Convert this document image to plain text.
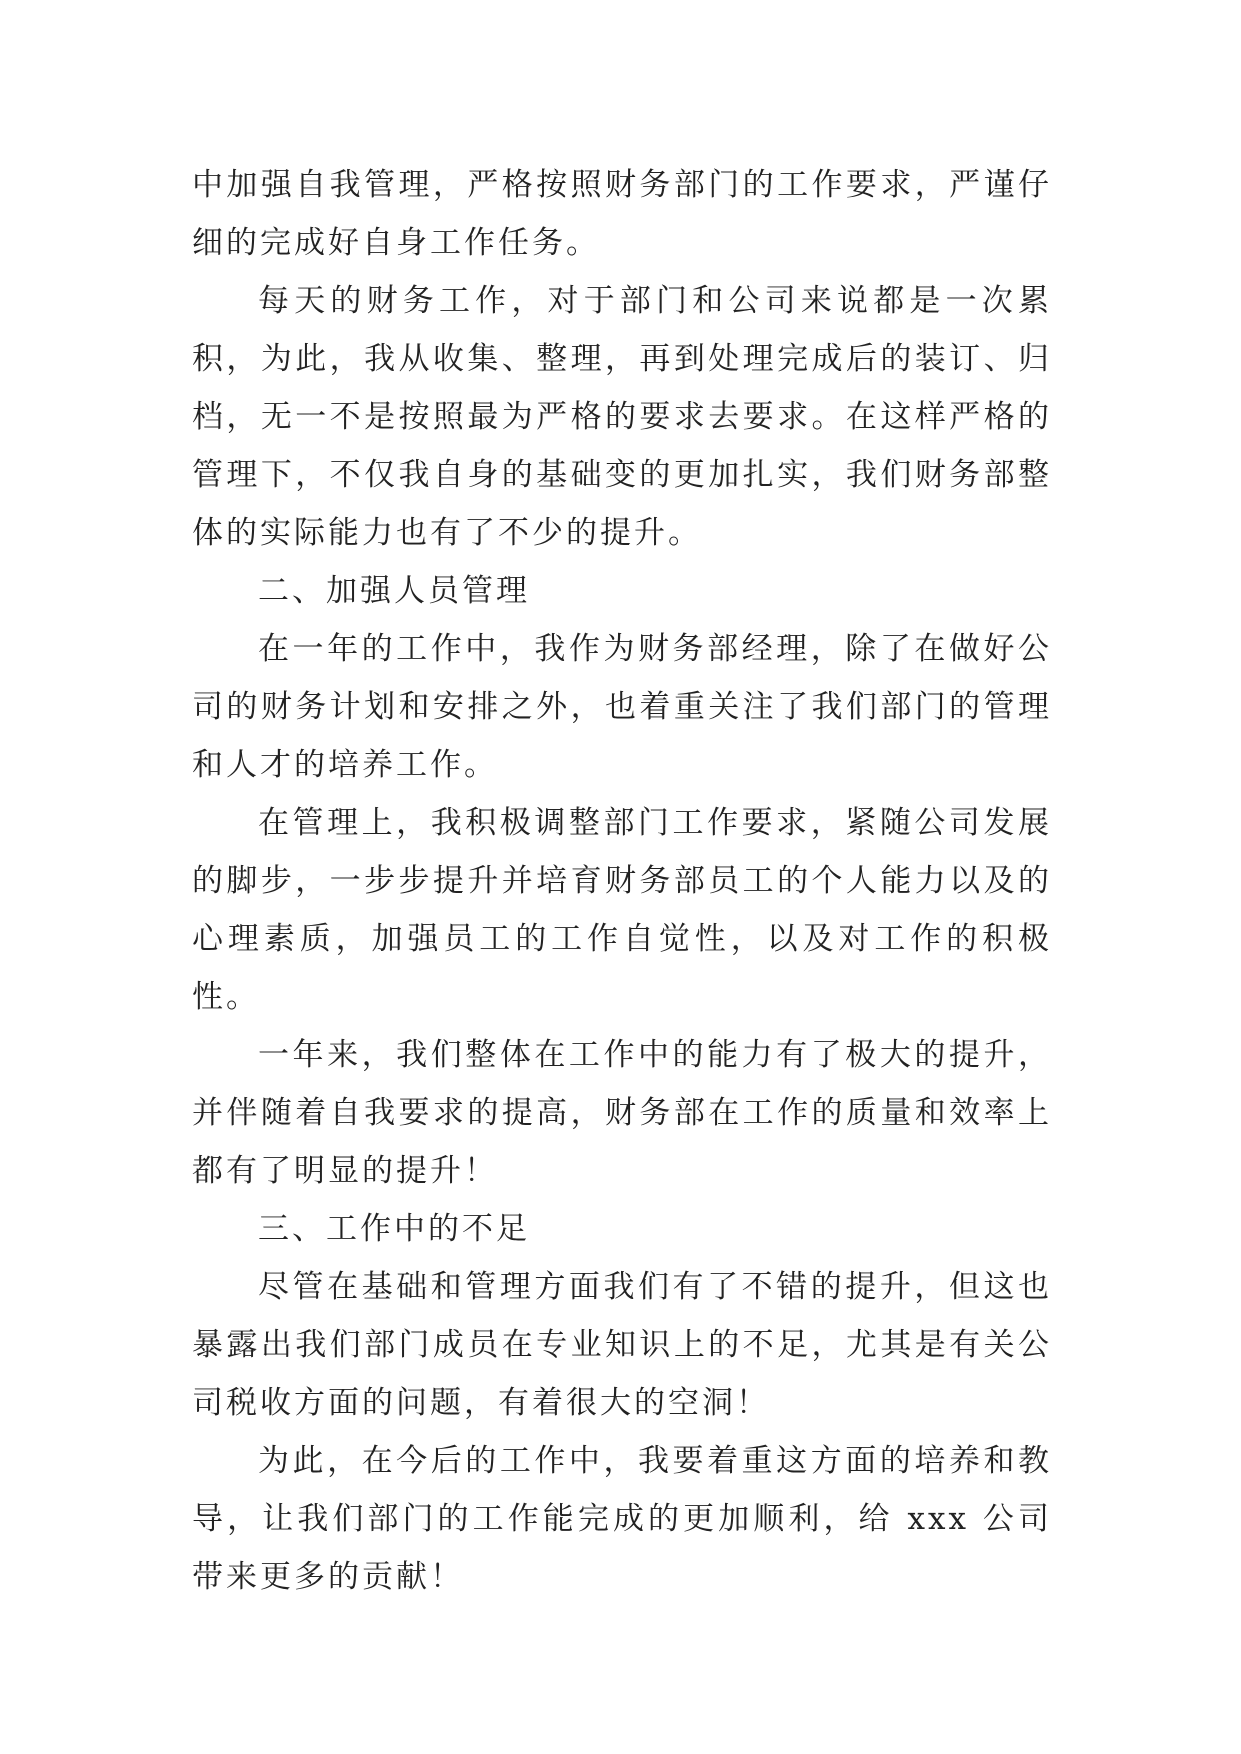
中加强自我管理，严格按照财务部门的工作要求，严谨仔细的完成好自身工作任务。

每天的财务工作，对于部门和公司来说都是一次累积，为此，我从收集、整理，再到处理完成后的装订、归档，无一不是按照最为严格的要求去要求。在这样严格的管理下，不仅我自身的基础变的更加扎实，我们财务部整体的实际能力也有了不少的提升。

二、加强人员管理

在一年的工作中，我作为财务部经理，除了在做好公司的财务计划和安排之外，也着重关注了我们部门的管理和人才的培养工作。

在管理上，我积极调整部门工作要求，紧随公司发展的脚步，一步步提升并培育财务部员工的个人能力以及的心理素质，加强员工的工作自觉性，以及对工作的积极性。

一年来，我们整体在工作中的能力有了极大的提升，并伴随着自我要求的提高，财务部在工作的质量和效率上都有了明显的提升！

三、工作中的不足

尽管在基础和管理方面我们有了不错的提升，但这也暴露出我们部门成员在专业知识上的不足，尤其是有关公司税收方面的问题，有着很大的空洞！

为此，在今后的工作中，我要着重这方面的培养和教导，让我们部门的工作能完成的更加顺利，给 xxx 公司带来更多的贡献！
